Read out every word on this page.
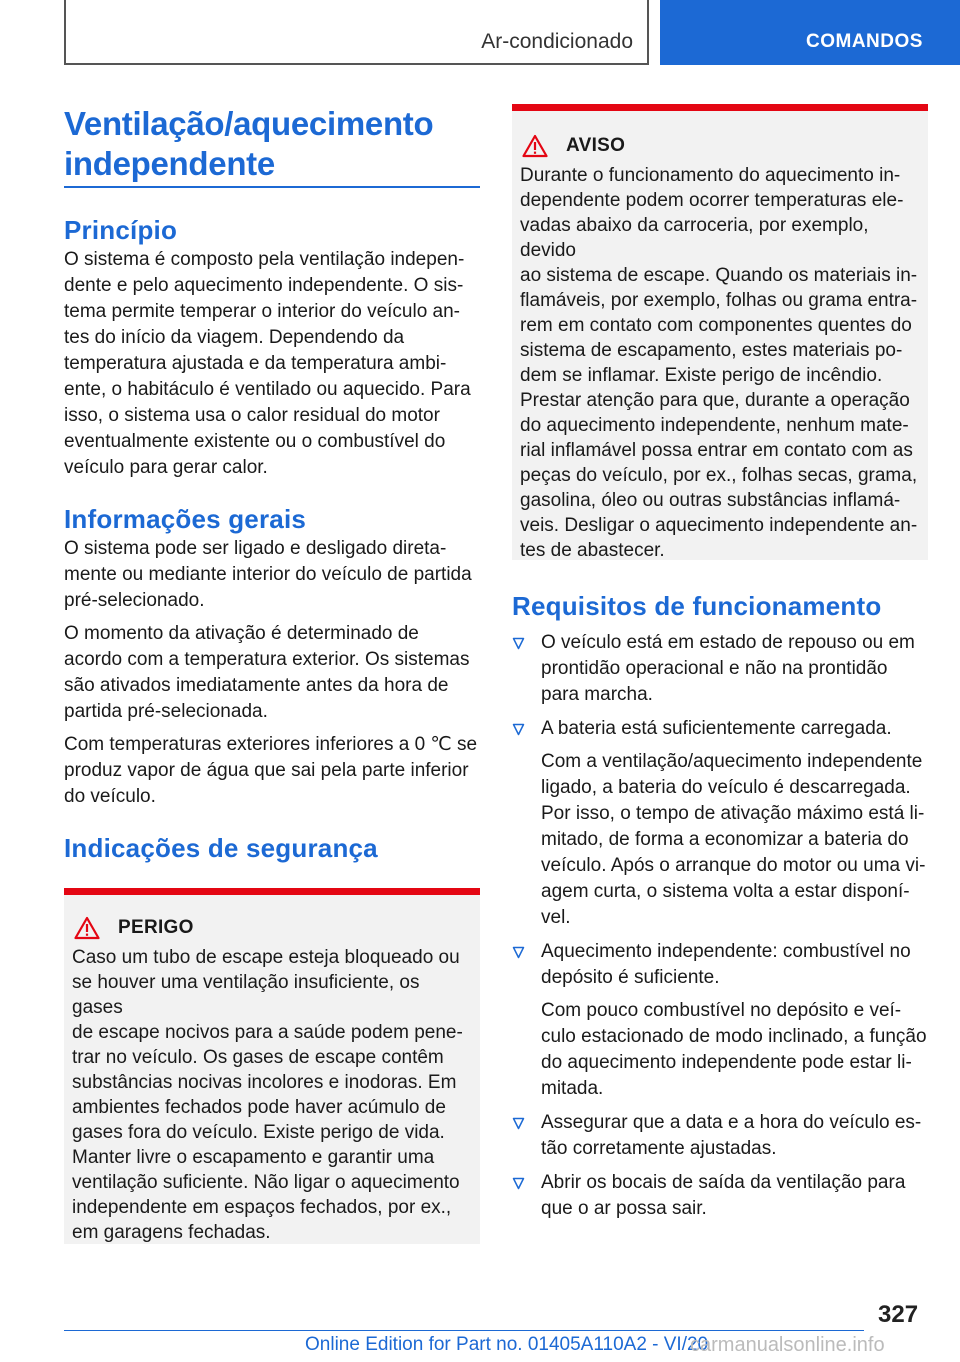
Ar-condicionado	COMANDOS
Ventilação/aquecimento
independente
Princípio

O sistema é composto pela ventilação indepen‐
dente e pelo aquecimento independente. O sis‐
tema permite temperar o interior do veículo an‐
tes do início da viagem. Dependendo da
temperatura ajustada e da temperatura ambi‐
ente, o habitáculo é ventilado ou aquecido. Para
isso, o sistema usa o calor residual do motor
eventualmente existente ou o combustível do
veículo para gerar calor.

Informações gerais

O sistema pode ser ligado e desligado direta‐
mente ou mediante interior do veículo de partida
pré-selecionado.

O momento da ativação é determinado de
acordo com a temperatura exterior. Os sistemas
são ativados imediatamente antes da hora de
partida pré-selecionada.

Com temperaturas exteriores inferiores a 0 ℃ se
produz vapor de água que sai pela parte inferior
do veículo.

Indicações de segurança
PERIGO
Caso um tubo de escape esteja bloqueado ou
se houver uma ventilação insuficiente, os gases
de escape nocivos para a saúde podem pene‐
trar no veículo. Os gases de escape contêm
substâncias nocivas incolores e inodoras. Em
ambientes fechados pode haver acúmulo de
gases fora do veículo. Existe perigo de vida.
Manter livre o escapamento e garantir uma
ventilação suficiente. Não ligar o aquecimento
independente em espaços fechados, por ex.,
em garagens fechadas.
AVISO
Durante o funcionamento do aquecimento in‐
dependente podem ocorrer temperaturas ele‐
vadas abaixo da carroceria, por exemplo, devido
ao sistema de escape. Quando os materiais in‐
flamáveis, por exemplo, folhas ou grama entra‐
rem em contato com componentes quentes do
sistema de escapamento, estes materiais po‐
dem se inflamar. Existe perigo de incêndio.
Prestar atenção para que, durante a operação
do aquecimento independente, nenhum mate‐
rial inflamável possa entrar em contato com as
peças do veículo, por ex., folhas secas, grama,
gasolina, óleo ou outras substâncias inflamá‐
veis. Desligar o aquecimento independente an‐
tes de abastecer.
Requisitos de funcionamento
O veículo está em estado de repouso ou em
prontidão operacional e não na prontidão
para marcha.
A bateria está suficientemente carregada.
Com a ventilação/aquecimento independente
ligado, a bateria do veículo é descarregada.
Por isso, o tempo de ativação máximo está li‐
mitado, de forma a economizar a bateria do
veículo. Após o arranque do motor ou uma vi‐
agem curta, o sistema volta a estar disponí‐
vel.
Aquecimento independente: combustível no
depósito é suficiente.
Com pouco combustível no depósito e veí‐
culo estacionado de modo inclinado, a função
do aquecimento independente pode estar li‐
mitada.
Assegurar que a data e a hora do veículo es‐
tão corretamente ajustadas.
Abrir os bocais de saída da ventilação para
que o ar possa sair.
327
Online Edition for Part no. 01405A110A2 - VI/20
carmanualsonline.info
